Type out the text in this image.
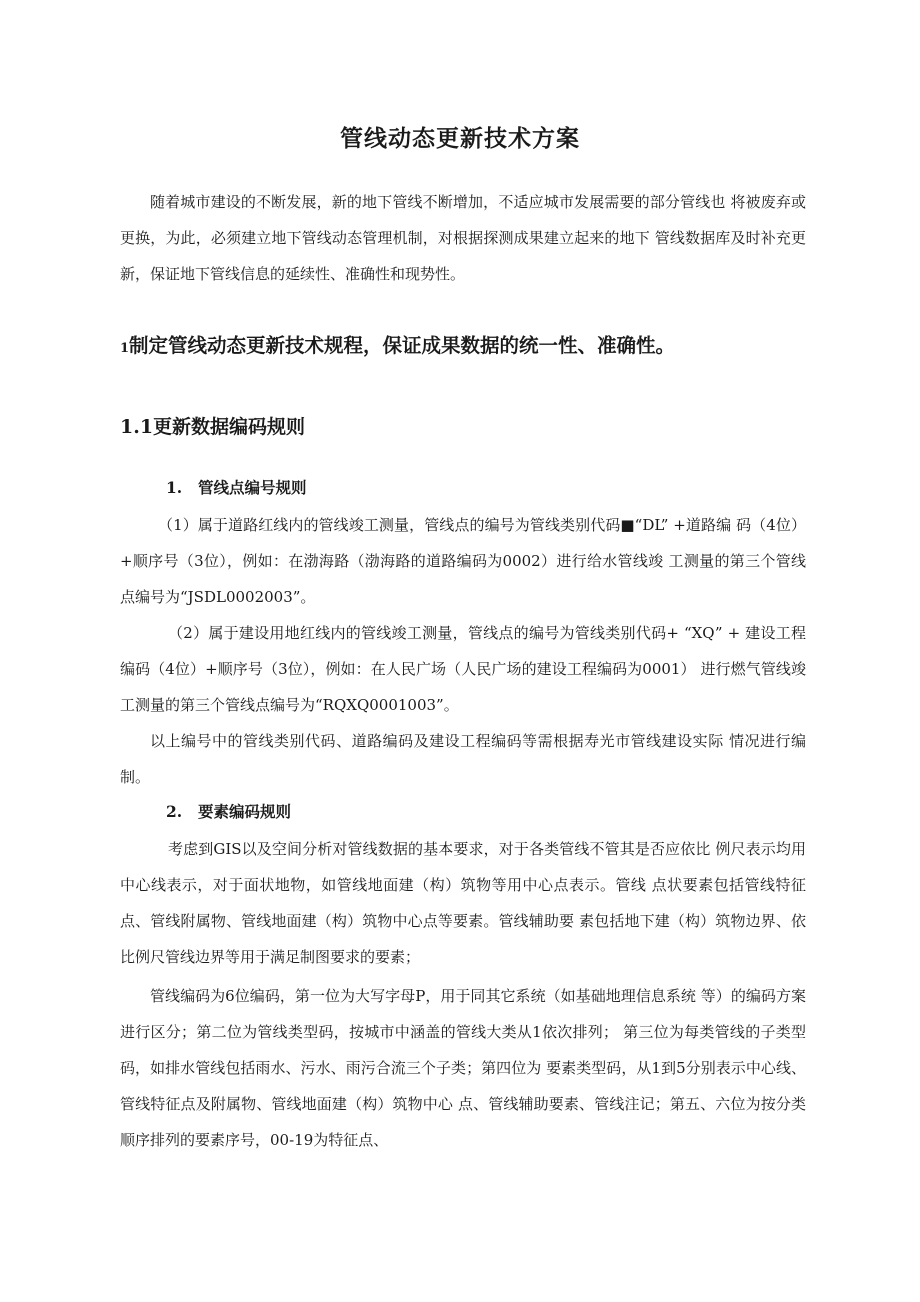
管线动态更新技术方案
随着城市建设的不断发展，新的地下管线不断增加，不适应城市发展需要的部分管线也 将被废弃或更换，为此，必须建立地下管线动态管理机制，对根据探测成果建立起来的地下 管线数据库及时补充更新，保证地下管线信息的延续性、准确性和现势性。
1制定管线动态更新技术规程，保证成果数据的统一性、准确性。
1.1更新数据编码规则
1. 管线点编号规则
（1）属于道路红线内的管线竣工测量，管线点的编号为管线类别代码■“DL” +道路编 码（4位）+顺序号（3位），例如：在渤海路（渤海路的道路编码为0002）进行给水管线竣 工测量的第三个管线点编号为“JSDL0002003”。
（2）属于建设用地红线内的管线竣工测量，管线点的编号为管线类别代码+ “XQ” + 建设工程编码（4位）+顺序号（3位），例如：在人民广场（人民广场的建设工程编码为0001） 进行燃气管线竣工测量的第三个管线点编号为“RQXQ0001003”。
以上编号中的管线类别代码、道路编码及建设工程编码等需根据寿光市管线建设实际 情况进行编制。
2. 要素编码规则
考虑到GIS以及空间分析对管线数据的基本要求，对于各类管线不管其是否应依比 例尺表示均用中心线表示，对于面状地物，如管线地面建（构）筑物等用中心点表示。管线 点状要素包括管线特征点、管线附属物、管线地面建（构）筑物中心点等要素。管线辅助要 素包括地下建（构）筑物边界、依比例尺管线边界等用于满足制图要求的要素；
管线编码为6位编码，第一位为大写字母P，用于同其它系统（如基础地理信息系统 等）的编码方案进行区分；第二位为管线类型码，按城市中涵盖的管线大类从1依次排列； 第三位为每类管线的子类型码，如排水管线包括雨水、污水、雨污合流三个子类；第四位为 要素类型码，从1到5分别表示中心线、管线特征点及附属物、管线地面建（构）筑物中心 点、管线辅助要素、管线注记；第五、六位为按分类顺序排列的要素序号，00-19为特征点、
